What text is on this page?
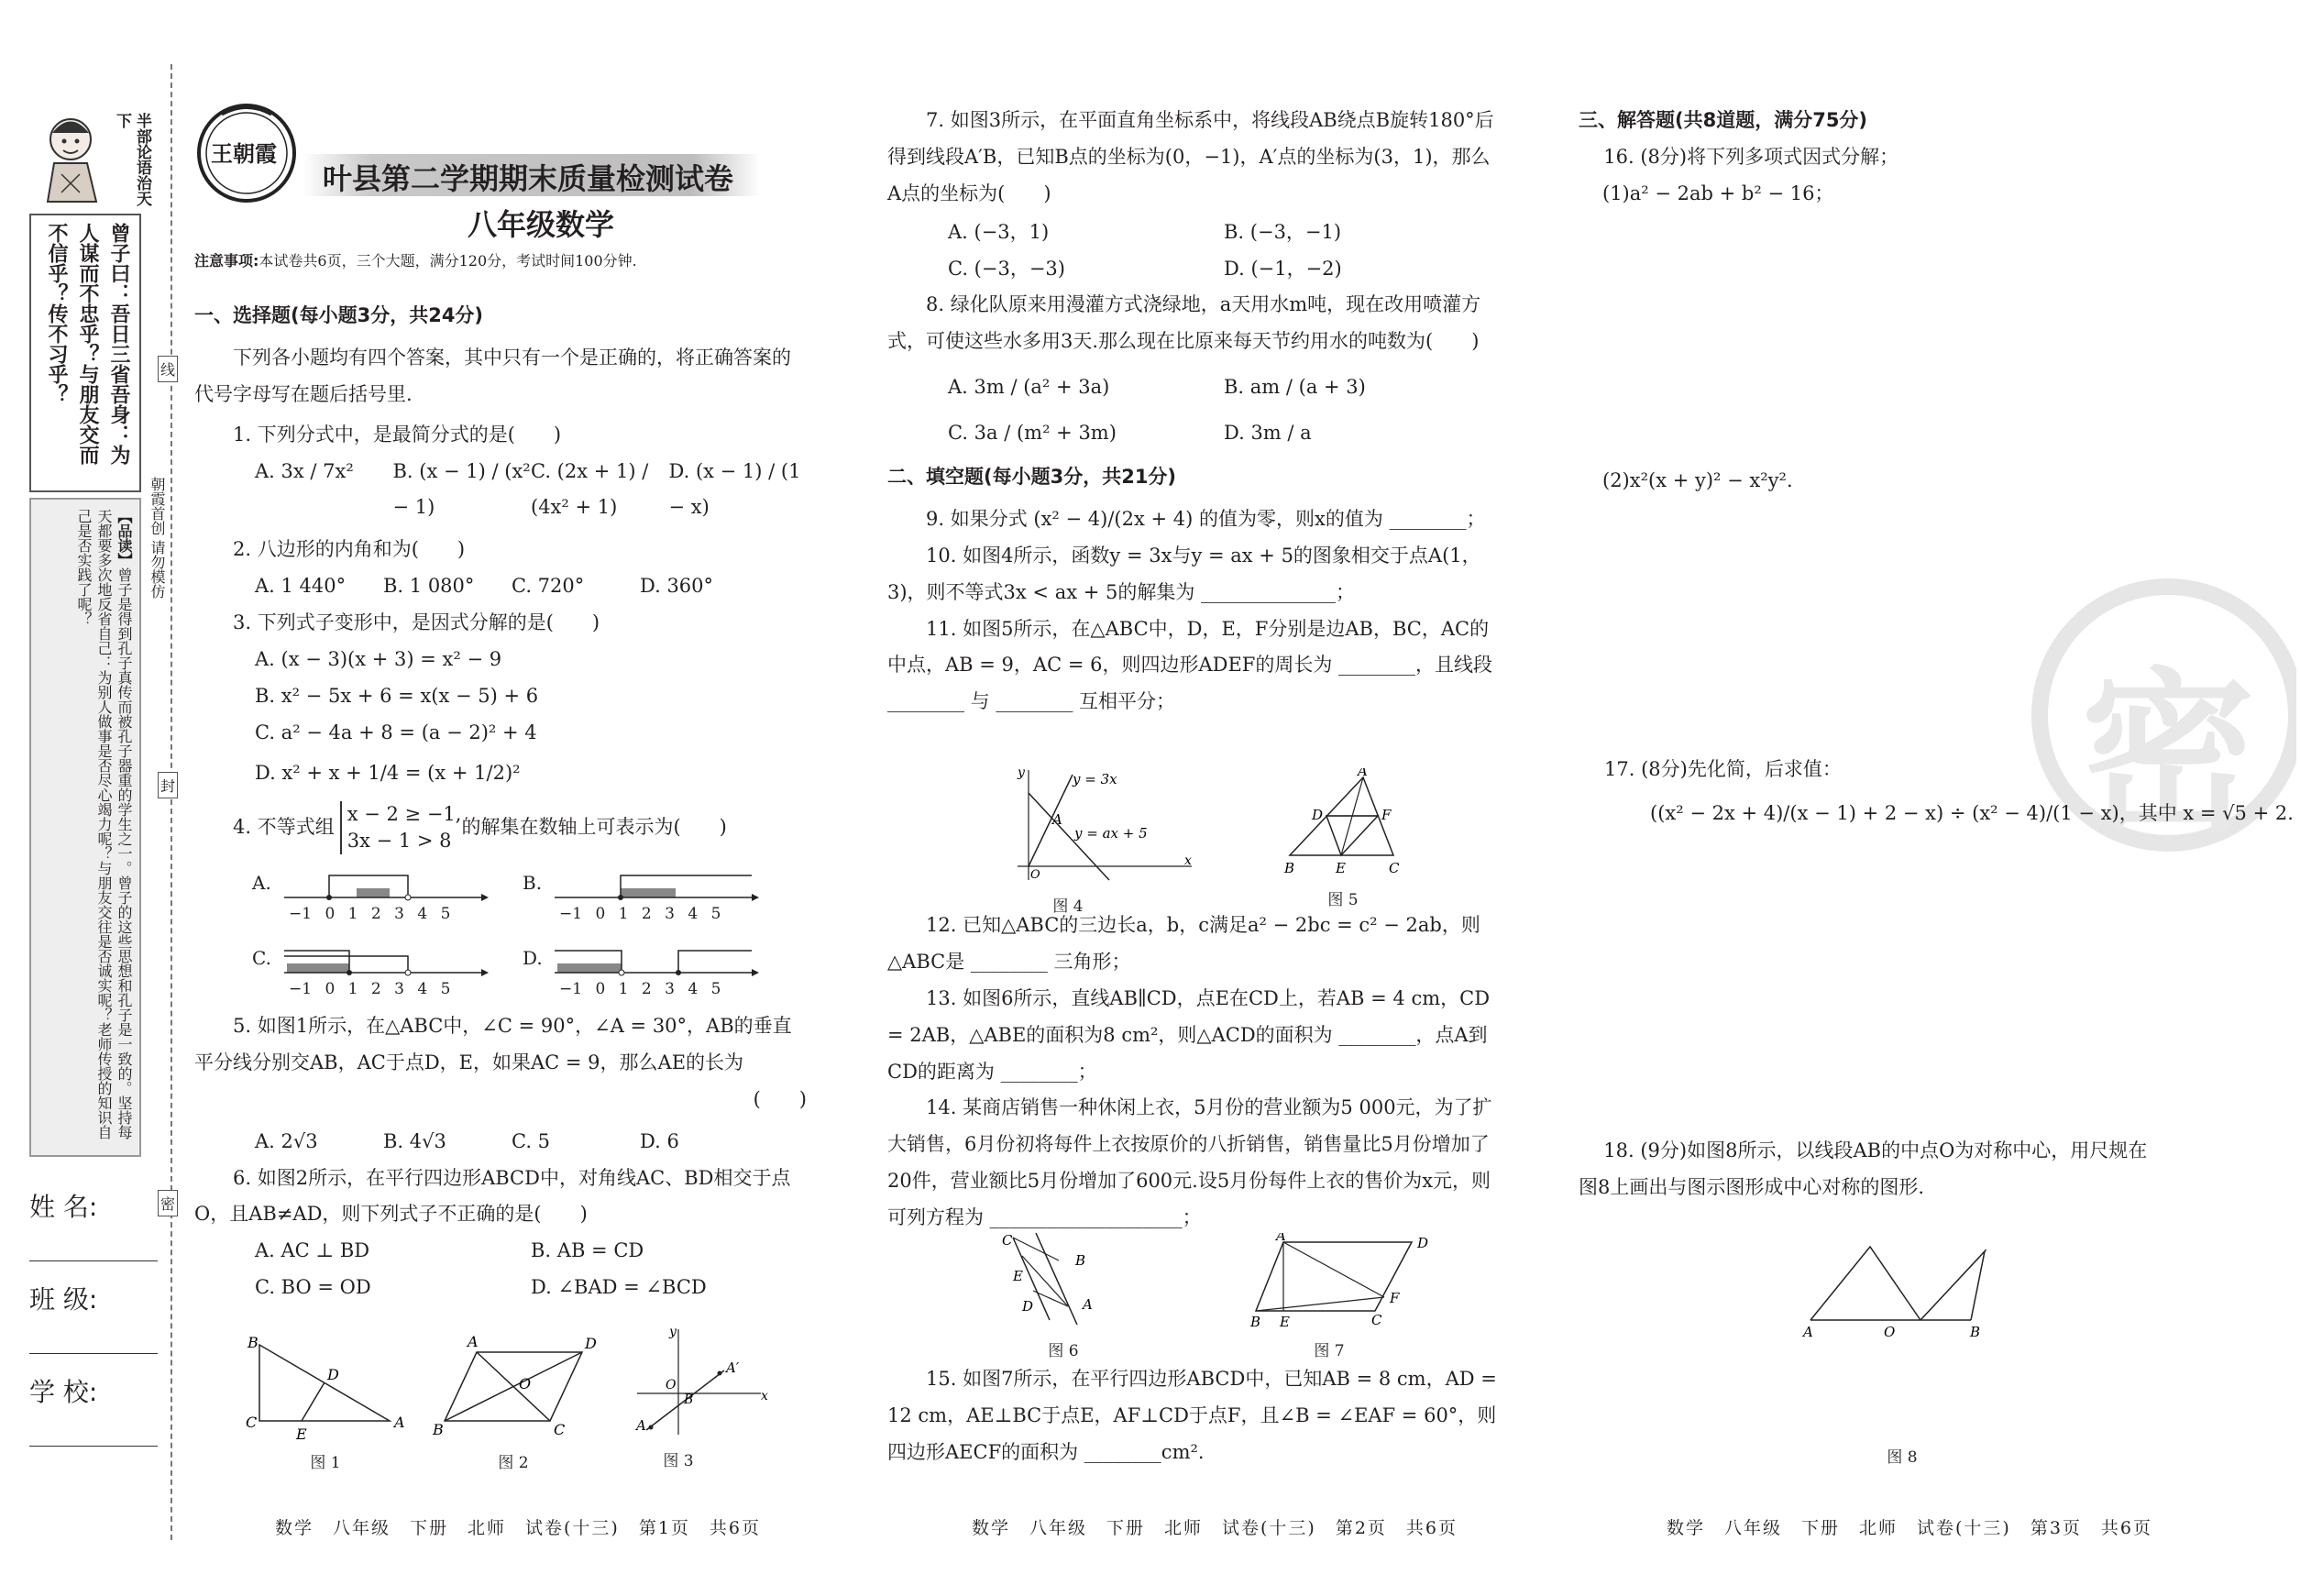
半部论语治天下
曾子曰：吾日三省吾身：为人谋而不忠乎？与朋友交而不信乎？传不习乎？
【品读】曾子是得到孔子真传而被孔子器重的学生之一。曾子的这些思想和孔子是一致的。坚持每天都要多次地反省自己：为别人做事是否尽心竭力呢？与朋友交往是否诚实呢？老师传授的知识自己是否实践了呢？
姓 名:
班 级:
学 校:
线
封
密
朝霞首创 请勿模仿
王朝霞
叶县第二学期期末质量检测试卷
八年级数学
注意事项:本试卷共6页，三个大题，满分120分，考试时间100分钟.

一、选择题(每小题3分，共24分)

下列各小题均有四个答案，其中只有一个是正确的，将正确答案的代号字母写在题后括号里.

1. 下列分式中，是最简分式的是(　　)

A. 3x / 7x²	B. (x − 1) / (x² − 1)
C. (2x + 1) / (4x² + 1)
D. (x − 1) / (1 − x)

2. 八边形的内角和为(　　)

A. 1 440°	B. 1 080°	C. 720°	D. 360°

3. 下列式子变形中，是因式分解的是(　　)

A. (x − 3)(x + 3) = x² − 9

B. x² − 5x + 6 = x(x − 5) + 6

C. a² − 4a + 8 = (a − 2)² + 4

D. x² + x + 1/4 = (x + 1/2)²

4. 不等式组
x − 2 ≥ −1,
3x − 1 > 8
的解集在数轴上可表示为(　　)
A.
−1 0 1 2 3 4 5
B.
−1 0 1 2 3 4 5
C.
−1 0 1 2 3 4 5
D.
−1 0 1 2 3 4 5

5. 如图1所示，在△ABC中，∠C = 90°，∠A = 30°，AB的垂直平分线分别交AB，AC于点D，E，如果AC = 9，那么AE的长为

(　　)

A. 2√3	B. 4√3	C. 5	D. 6

6. 如图2所示，在平行四边形ABCD中，对角线AC、BD相交于点O，且AB≠AD，则下列式子不正确的是(　　)

A. AC ⊥ BD	B. AB = CD
C. BO = OD	D. ∠BAD = ∠BCD
B
C	A
D
E
图 1
A	D
B	C
O
图 2
y
x
A′
A
B
O
图 3
数学　八年级　下册　北师　试卷(十三)　第1页　共6页

7. 如图3所示，在平面直角坐标系中，将线段AB绕点B旋转180°后得到线段A′B，已知B点的坐标为(0，−1)，A′点的坐标为(3，1)，那么A点的坐标为(　　)

A. (−3，1)	B. (−3，−1)
C. (−3，−3)	D. (−1，−2)

8. 绿化队原来用漫灌方式浇绿地，a天用水m吨，现在改用喷灌方式，可使这些水多用3天.那么现在比原来每天节约用水的吨数为(　　)

A. 3m / (a² + 3a)	B. am / (a + 3)
C. 3a / (m² + 3m)	D. 3m / a

二、填空题(每小题3分，共21分)

9. 如果分式 (x² − 4)/(2x + 4) 的值为零，则x的值为 ________；

10. 如图4所示，函数y = 3x与y = ax + 5的图象相交于点A(1，3)，则不等式3x < ax + 5的解集为 ______________；

11. 如图5所示，在△ABC中，D，E，F分别是边AB，BC，AC的中点，AB = 9，AC = 6，则四边形ADEF的周长为 ________，且线段 ________ 与 ________ 互相平分；

y
x
y = 3x
y = ax + 5
A
O
图 4
A
D	F
B	E	C
图 5

12. 已知△ABC的三边长a，b，c满足a² − 2bc = c² − 2ab，则△ABC是 ________ 三角形；

13. 如图6所示，直线AB∥CD，点E在CD上，若AB = 4 cm，CD = 2AB，△ABE的面积为8 cm²，则△ACD的面积为 ________，点A到CD的距离为 ________；

14. 某商店销售一种休闲上衣，5月份的营业额为5 000元，为了扩大销售，6月份初将每件上衣按原价的八折销售，销售量比5月份增加了20件，营业额比5月份增加了600元.设5月份每件上衣的售价为x元，则可列方程为 ____________________；

C
B
E
D	A
图 6
A	D
B E	C
F
图 7

15. 如图7所示，在平行四边形ABCD中，已知AB = 8 cm，AD = 12 cm，AE⊥BC于点E，AF⊥CD于点F，且∠B = ∠EAF = 60°，则四边形AECF的面积为 ________cm².

数学　八年级　下册　北师　试卷(十三)　第2页　共6页
密

三、解答题(共8道题，满分75分)

16. (8分)将下列多项式因式分解；

(1)a² − 2ab + b² − 16；

(2)x²(x + y)² − x²y².
17. (8分)先化简，后求值：
((x² − 2x + 4)/(x − 1) + 2 − x) ÷ (x² − 4)/(1 − x)，其中 x = √5 + 2.
18. (9分)如图8所示，以线段AB的中点O为对称中心，用尺规在图8上画出与图示图形成中心对称的图形.
A	O	B
图 8
数学　八年级　下册　北师　试卷(十三)　第3页　共6页
